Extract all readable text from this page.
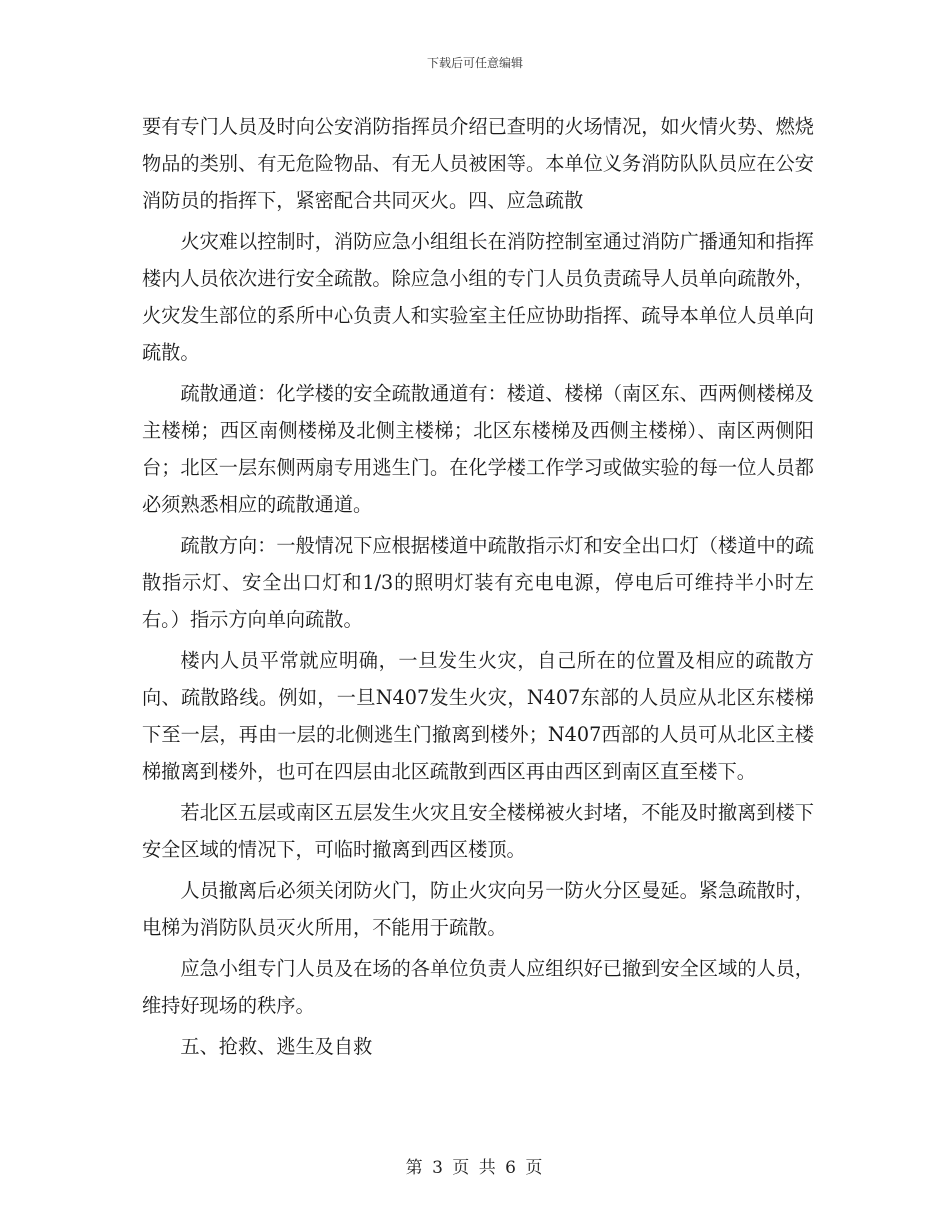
下载后可任意编辑

要有专门人员及时向公安消防指挥员介绍已查明的火场情况，如火情火势、燃烧物品的类别、有无危险物品、有无人员被困等。本单位义务消防队队员应在公安消防员的指挥下，紧密配合共同灭火。四、应急疏散

火灾难以控制时，消防应急小组组长在消防控制室通过消防广播通知和指挥楼内人员依次进行安全疏散。除应急小组的专门人员负责疏导人员单向疏散外，火灾发生部位的系所中心负责人和实验室主任应协助指挥、疏导本单位人员单向疏散。

疏散通道：化学楼的安全疏散通道有：楼道、楼梯（南区东、西两侧楼梯及主楼梯；西区南侧楼梯及北侧主楼梯；北区东楼梯及西侧主楼梯）、南区两侧阳台；北区一层东侧两扇专用逃生门。在化学楼工作学习或做实验的每一位人员都必须熟悉相应的疏散通道。

疏散方向：一般情况下应根据楼道中疏散指示灯和安全出口灯（楼道中的疏散指示灯、安全出口灯和1/3的照明灯装有充电电源，停电后可维持半小时左右。）指示方向单向疏散。

楼内人员平常就应明确，一旦发生火灾，自己所在的位置及相应的疏散方向、疏散路线。例如，一旦N407发生火灾，N407东部的人员应从北区东楼梯下至一层，再由一层的北侧逃生门撤离到楼外；N407西部的人员可从北区主楼梯撤离到楼外，也可在四层由北区疏散到西区再由西区到南区直至楼下。

若北区五层或南区五层发生火灾且安全楼梯被火封堵，不能及时撤离到楼下安全区域的情况下，可临时撤离到西区楼顶。

人员撤离后必须关闭防火门，防止火灾向另一防火分区曼延。紧急疏散时，电梯为消防队员灭火所用，不能用于疏散。

应急小组专门人员及在场的各单位负责人应组织好已撤到安全区域的人员，维持好现场的秩序。

五、抢救、逃生及自救

第 3 页 共 6 页
